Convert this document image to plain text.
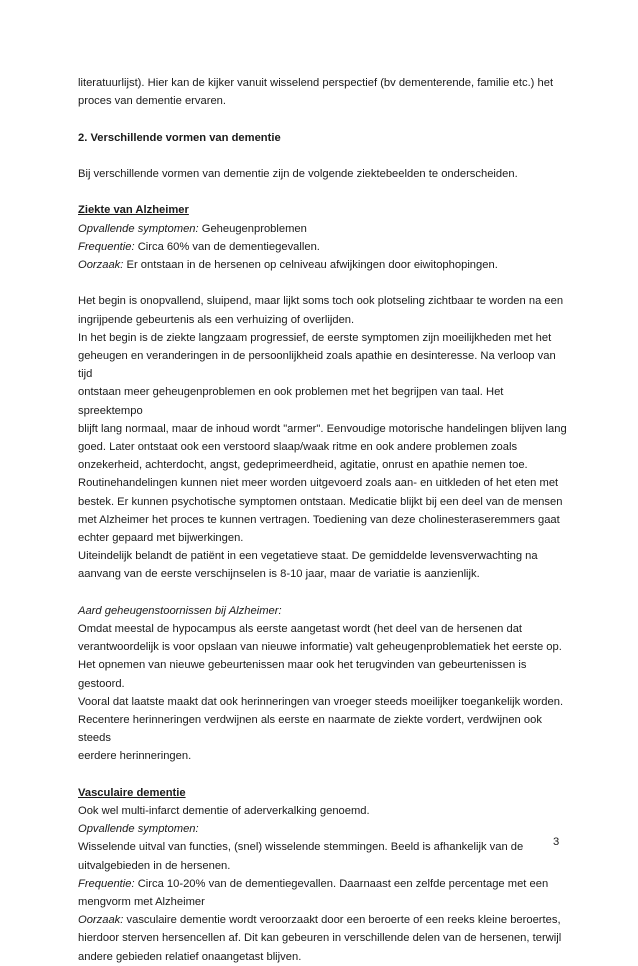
literatuurlijst). Hier kan de kijker vanuit wisselend perspectief (bv dementerende, familie etc.) het

proces van dementie ervaren.

2. Verschillende vormen van dementie

Bij verschillende vormen van dementie zijn de volgende ziektebeelden te onderscheiden.

Ziekte van Alzheimer

Opvallende symptomen: Geheugenproblemen

Frequentie: Circa 60% van de dementiegevallen.

Oorzaak: Er ontstaan in de hersenen op celniveau afwijkingen door eiwitophopingen.

Het begin is onopvallend, sluipend, maar lijkt soms toch ook plotseling zichtbaar te worden na een

ingrijpende gebeurtenis als een verhuizing of overlijden.

In het begin is de ziekte langzaam progressief, de eerste symptomen zijn moeilijkheden met het

geheugen en veranderingen in de persoonlijkheid zoals apathie en desinteresse. Na verloop van tijd

ontstaan meer geheugenproblemen en ook problemen met het begrijpen van taal. Het spreektempo

blijft lang normaal, maar de inhoud wordt "armer". Eenvoudige motorische handelingen blijven lang

goed. Later ontstaat ook een verstoord slaap/waak ritme en ook andere problemen zoals

onzekerheid, achterdocht, angst, gedeprimeerdheid, agitatie, onrust en apathie nemen toe.

Routinehandelingen kunnen niet meer worden uitgevoerd zoals aan- en uitkleden of het eten met

bestek. Er kunnen psychotische symptomen ontstaan. Medicatie blijkt bij een deel van de mensen

met Alzheimer het proces te kunnen vertragen. Toediening van deze cholinesteraseremmers gaat

echter gepaard met bijwerkingen.

Uiteindelijk belandt de patiënt in een vegetatieve staat. De gemiddelde levensverwachting na

aanvang van de eerste verschijnselen is 8-10 jaar, maar de variatie is aanzienlijk.

Aard geheugenstoornissen bij Alzheimer:

Omdat meestal de hypocampus als eerste aangetast wordt (het deel van de hersenen dat

verantwoordelijk is voor opslaan van nieuwe informatie) valt geheugenproblematiek het eerste op.

Het opnemen van nieuwe gebeurtenissen maar ook het terugvinden van gebeurtenissen is gestoord.

Vooral dat laatste maakt dat ook herinneringen van vroeger steeds moeilijker toegankelijk worden.

Recentere herinneringen verdwijnen als eerste en naarmate de ziekte vordert, verdwijnen ook steeds

eerdere herinneringen.

Vasculaire dementie

Ook wel multi-infarct dementie of aderverkalking genoemd.

Opvallende symptomen:

Wisselende uitval van functies, (snel) wisselende stemmingen. Beeld is afhankelijk van de

uitvalgebieden in de hersenen.

Frequentie: Circa 10-20% van de dementiegevallen. Daarnaast een zelfde percentage met een

mengvorm met Alzheimer

Oorzaak: vasculaire dementie wordt veroorzaakt door een beroerte of een reeks kleine beroertes,

hierdoor sterven hersencellen af. Dit kan gebeuren in verschillende delen van de hersenen, terwijl

andere gebieden relatief onaangetast blijven.

3
